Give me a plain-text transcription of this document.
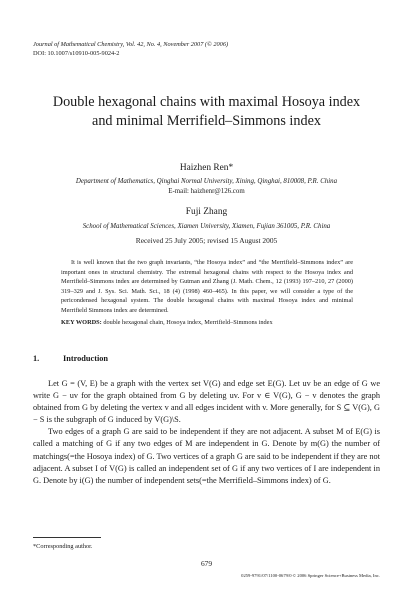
Journal of Mathematical Chemistry, Vol. 42, No. 4, November 2007 (© 2006)
DOI: 10.1007/s10910-005-9024-2
Double hexagonal chains with maximal Hosoya index
and minimal Merrifield–Simmons index
Haizhen Ren*
Department of Mathematics, Qinghai Normal University, Xining, Qinghai, 810008, P.R. China
E-mail: haizhenr@126.com
Fuji Zhang
School of Mathematical Sciences, Xiamen University, Xiamen, Fujian 361005, P.R. China
Received 25 July 2005; revised 15 August 2005
It is well known that the two graph invariants, “the Hosoya index” and “the Merrifield–Simmons index” are important ones in structural chemistry. The extremal hexagonal chains with respect to the Hosoya index and Merrifield–Simmons index are determined by Gutman and Zhang (J. Math. Chem., 12 (1993) 197–210, 27 (2000) 319–329 and J. Sys. Sci. Math. Sci., 18 (4) (1998) 460–465). In this paper, we will consider a type of the pericondensed hexagonal system. The double hexagonal chains with maximal Hosoya index and minimal Merrifield Simmons index are determined.
KEY WORDS: double hexagonal chain, Hosoya index, Merrifield–Simmons index
1.	Introduction

Let G = (V, E) be a graph with the vertex set V(G) and edge set E(G). Let uv be an edge of G we write G − uv for the graph obtained from G by deleting uv. For v ∈ V(G), G − v denotes the graph obtained from G by deleting the vertex v and all edges incident with v. More generally, for S ⊆ V(G), G − S is the subgraph of G induced by V(G)\S.

Two edges of a graph G are said to be independent if they are not adjacent. A subset M of E(G) is called a matching of G if any two edges of M are independent in G. Denote by m(G) the number of matchings(=the Hosoya index) of G. Two vertices of a graph G are said to be independent if they are not adjacent. A subset I of V(G) is called an independent set of G if any two vertices of I are independent in G. Denote by i(G) the number of independent sets(=the Merrifield–Simmons index) of G.

*Corresponding author.
679
0259-9791/07/1100-0679/0 © 2006 Springer Science+Business Media, Inc.
